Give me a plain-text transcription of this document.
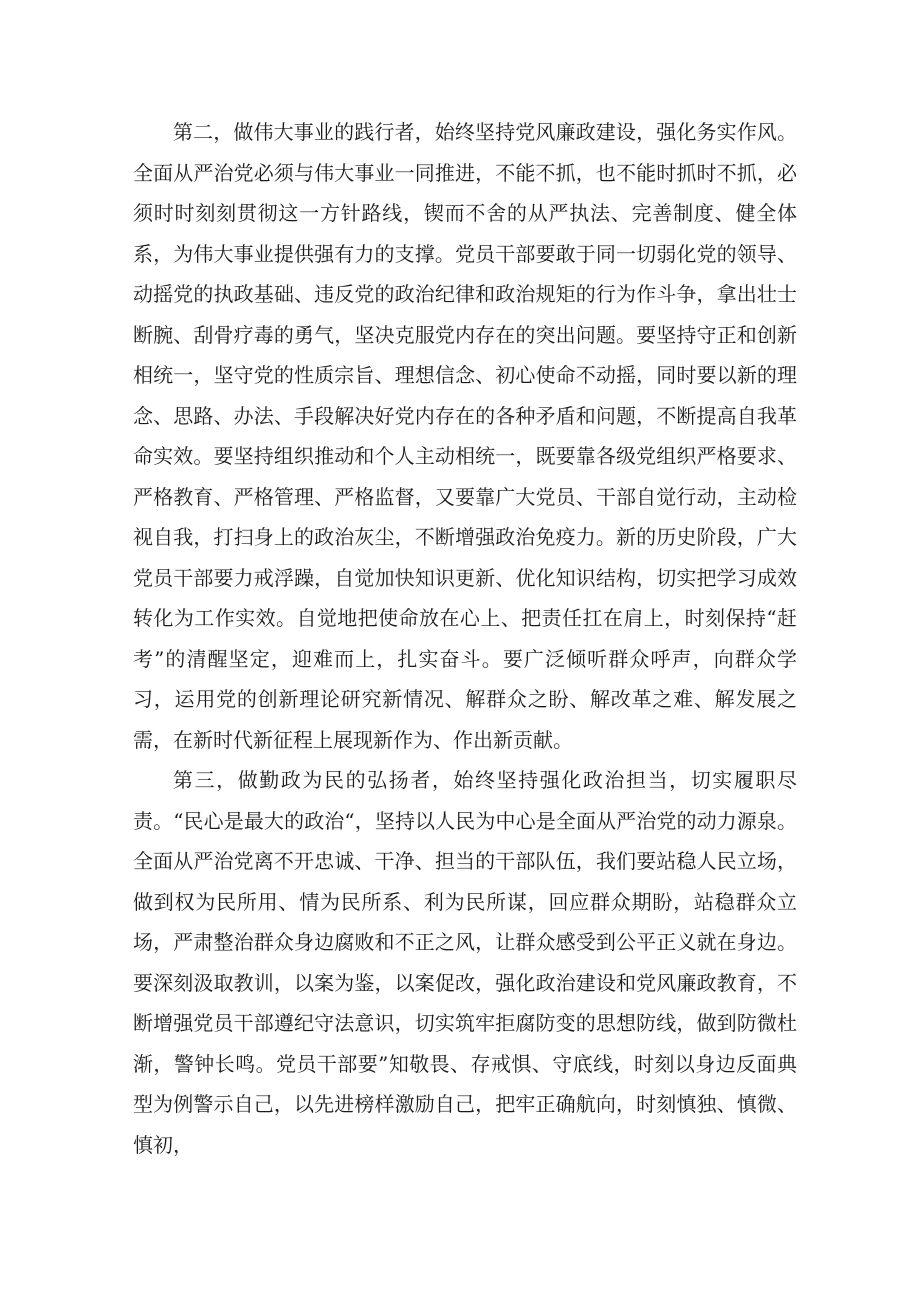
第二，做伟大事业的践行者，始终坚持党风廉政建设，强化务实作风。全面从严治党必须与伟大事业一同推进，不能不抓，也不能时抓时不抓，必须时时刻刻贯彻这一方针路线，锲而不舍的从严执法、完善制度、健全体系，为伟大事业提供强有力的支撑。党员干部要敢于同一切弱化党的领导、动摇党的执政基础、违反党的政治纪律和政治规矩的行为作斗争，拿出壮士断腕、刮骨疗毒的勇气，坚决克服党内存在的突出问题。要坚持守正和创新相统一，坚守党的性质宗旨、理想信念、初心使命不动摇，同时要以新的理念、思路、办法、手段解决好党内存在的各种矛盾和问题，不断提高自我革命实效。要坚持组织推动和个人主动相统一，既要靠各级党组织严格要求、严格教育、严格管理、严格监督，又要靠广大党员、干部自觉行动，主动检视自我，打扫身上的政治灰尘，不断增强政治免疫力。新的历史阶段，广大党员干部要力戒浮躁，自觉加快知识更新、优化知识结构，切实把学习成效转化为工作实效。自觉地把使命放在心上、把责任扛在肩上，时刻保持“赶考”的清醒坚定，迎难而上，扎实奋斗。要广泛倾听群众呼声，向群众学习，运用党的创新理论研究新情况、解群众之盼、解改革之难、解发展之需，在新时代新征程上展现新作为、作出新贡献。

第三，做勤政为民的弘扬者，始终坚持强化政治担当，切实履职尽责。“民心是最大的政治“，坚持以人民为中心是全面从严治党的动力源泉。全面从严治党离不开忠诚、干净、担当的干部队伍，我们要站稳人民立场，做到权为民所用、情为民所系、利为民所谋，回应群众期盼，站稳群众立场，严肃整治群众身边腐败和不正之风，让群众感受到公平正义就在身边。要深刻汲取教训，以案为鉴，以案促改，强化政治建设和党风廉政教育，不断增强党员干部遵纪守法意识，切实筑牢拒腐防变的思想防线，做到防微杜渐，警钟长鸣。党员干部要”知敬畏、存戒惧、守底线，时刻以身边反面典型为例警示自己，以先进榜样激励自己，把牢正确航向，时刻慎独、慎微、慎初，
